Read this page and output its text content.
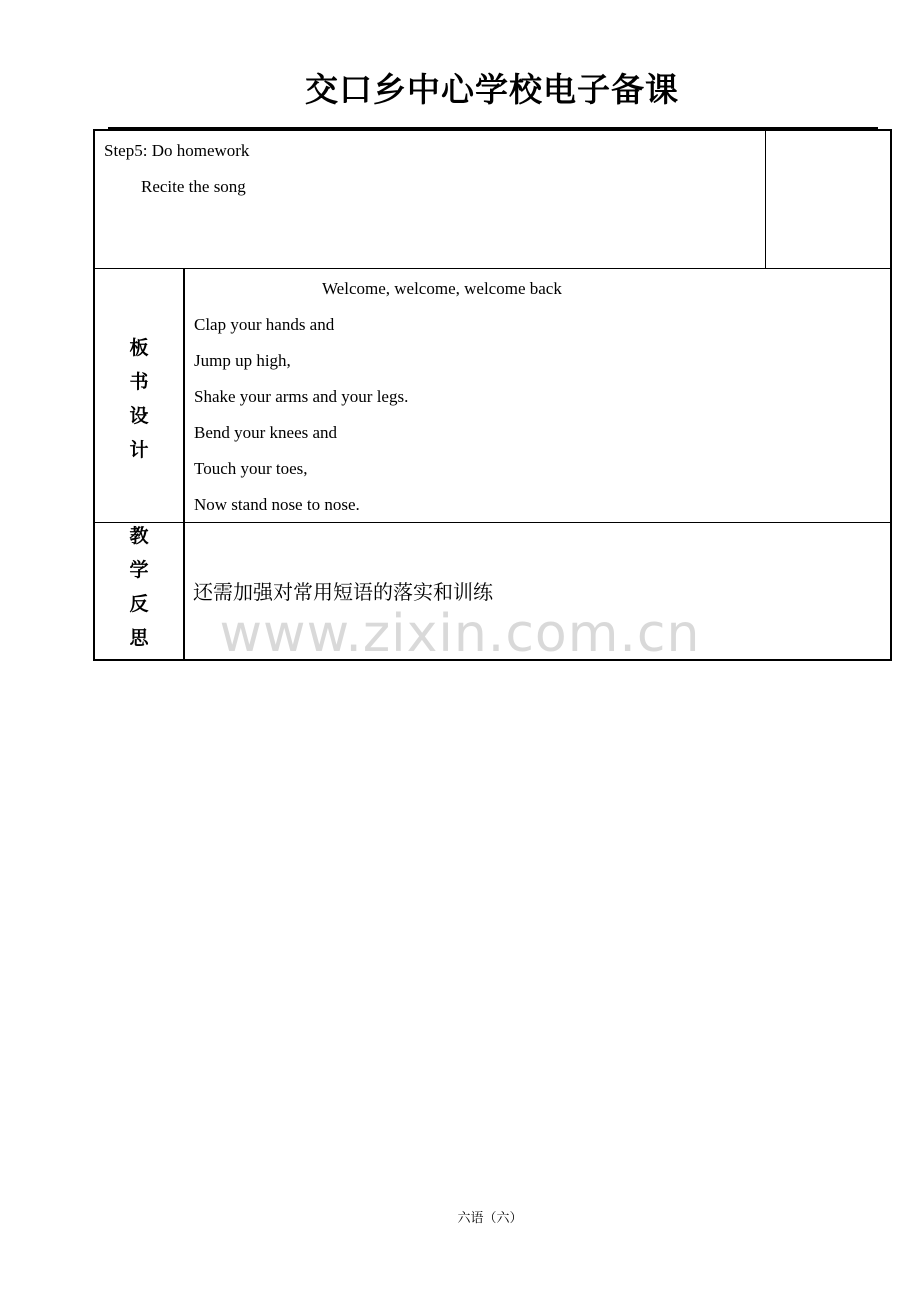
交口乡中心学校电子备课
Step5: Do homework
Recite the song
板
书
设
计
Welcome, welcome, welcome back
Clap your hands and
Jump up high,
Shake your arms and your legs.
Bend your knees and
Touch your toes,
Now stand nose to nose.
教
学
反
思
还需加强对常用短语的落实和训练
www.zixin.com.cn
六语（六）
